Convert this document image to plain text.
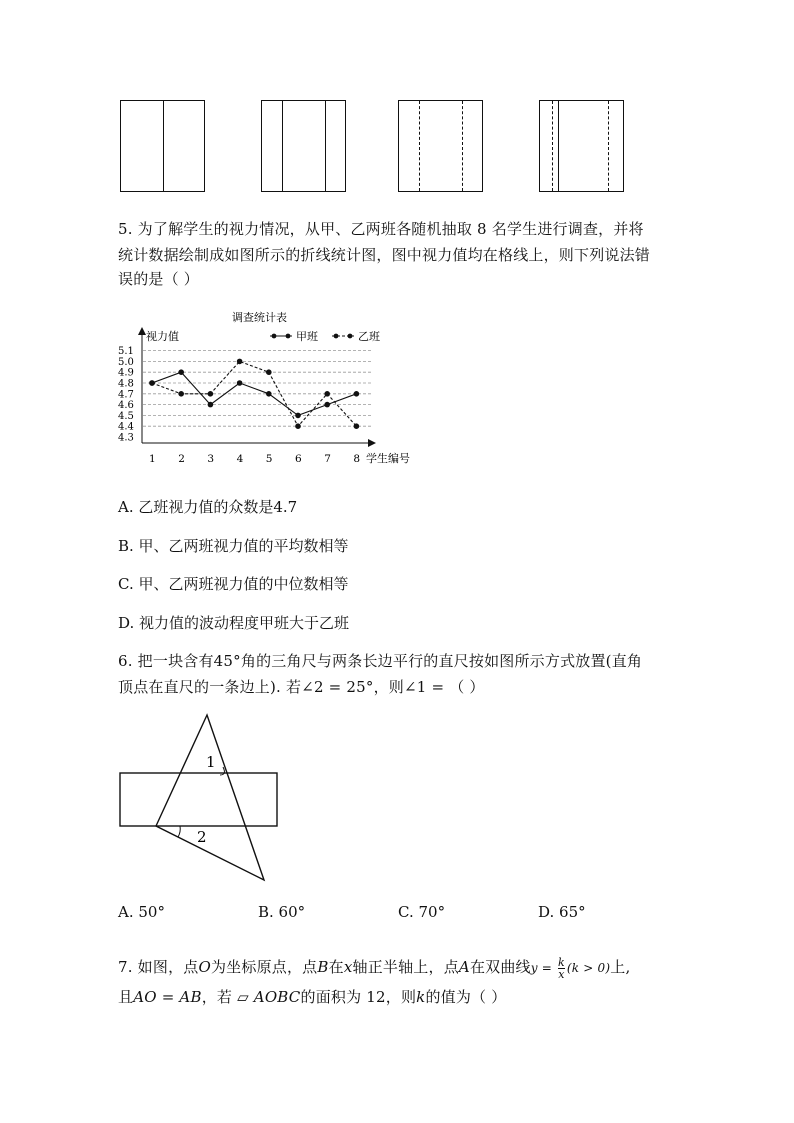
5. 为了解学生的视力情况，从甲、乙两班各随机抽取 8 名学生进行调查，并将
统计数据绘制成如图所示的折线统计图，图中视力值均在格线上，则下列说法错
误的是（ ）
调查统计表
视力值
学生编号
甲班	乙班
4.3
4.4
4.5
4.6
4.7
4.8
4.9
5.0
5.1
1 2 3 4 5 6 7 8
A. 乙班视力值的众数是4.7
B. 甲、乙两班视力值的平均数相等
C. 甲、乙两班视力值的中位数相等
D. 视力值的波动程度甲班大于乙班
6. 把一块含有45°角的三角尺与两条长边平行的直尺按如图所示方式放置(直角
顶点在直尺的一条边上). 若∠2 = 25°，则∠1 = （ ）
1
2
A. 50°	B. 60°	C. 70°	D. 65°
7. 如图，点O为坐标原点，点B在x轴正半轴上，点A在双曲线$y = \frac{k}{x} (k > 0)$上,
且AO = AB，若 ▱ AOBC的面积为 12，则k的值为（ ）
